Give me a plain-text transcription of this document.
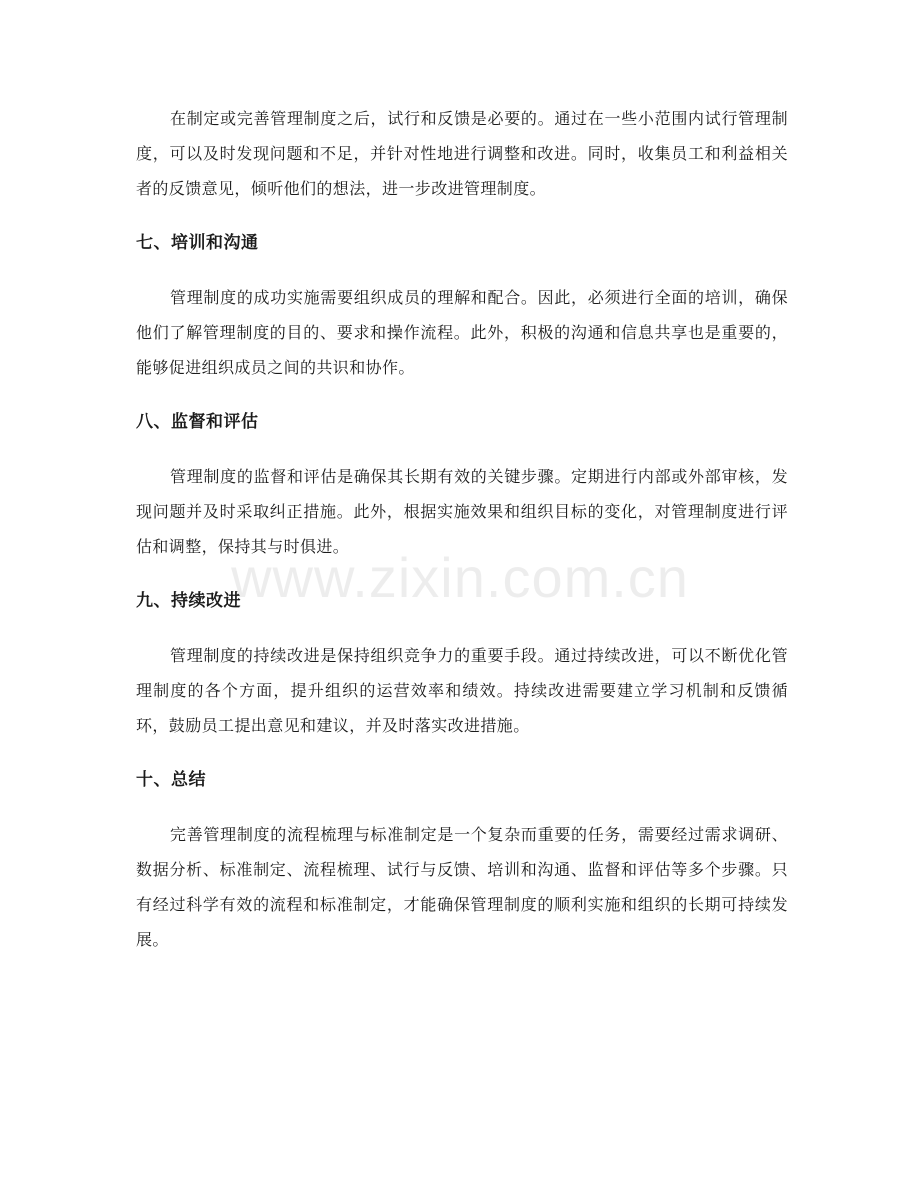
在制定或完善管理制度之后，试行和反馈是必要的。通过在一些小范围内试行管理制度，可以及时发现问题和不足，并针对性地进行调整和改进。同时，收集员工和利益相关者的反馈意见，倾听他们的想法，进一步改进管理制度。

七、培训和沟通

管理制度的成功实施需要组织成员的理解和配合。因此，必须进行全面的培训，确保他们了解管理制度的目的、要求和操作流程。此外，积极的沟通和信息共享也是重要的，能够促进组织成员之间的共识和协作。

八、监督和评估

管理制度的监督和评估是确保其长期有效的关键步骤。定期进行内部或外部审核，发现问题并及时采取纠正措施。此外，根据实施效果和组织目标的变化，对管理制度进行评估和调整，保持其与时俱进。

九、持续改进

管理制度的持续改进是保持组织竞争力的重要手段。通过持续改进，可以不断优化管理制度的各个方面，提升组织的运营效率和绩效。持续改进需要建立学习机制和反馈循环，鼓励员工提出意见和建议，并及时落实改进措施。

十、总结

完善管理制度的流程梳理与标准制定是一个复杂而重要的任务，需要经过需求调研、数据分析、标准制定、流程梳理、试行与反馈、培训和沟通、监督和评估等多个步骤。只有经过科学有效的流程和标准制定，才能确保管理制度的顺利实施和组织的长期可持续发展。

www.zixin.com.cn
